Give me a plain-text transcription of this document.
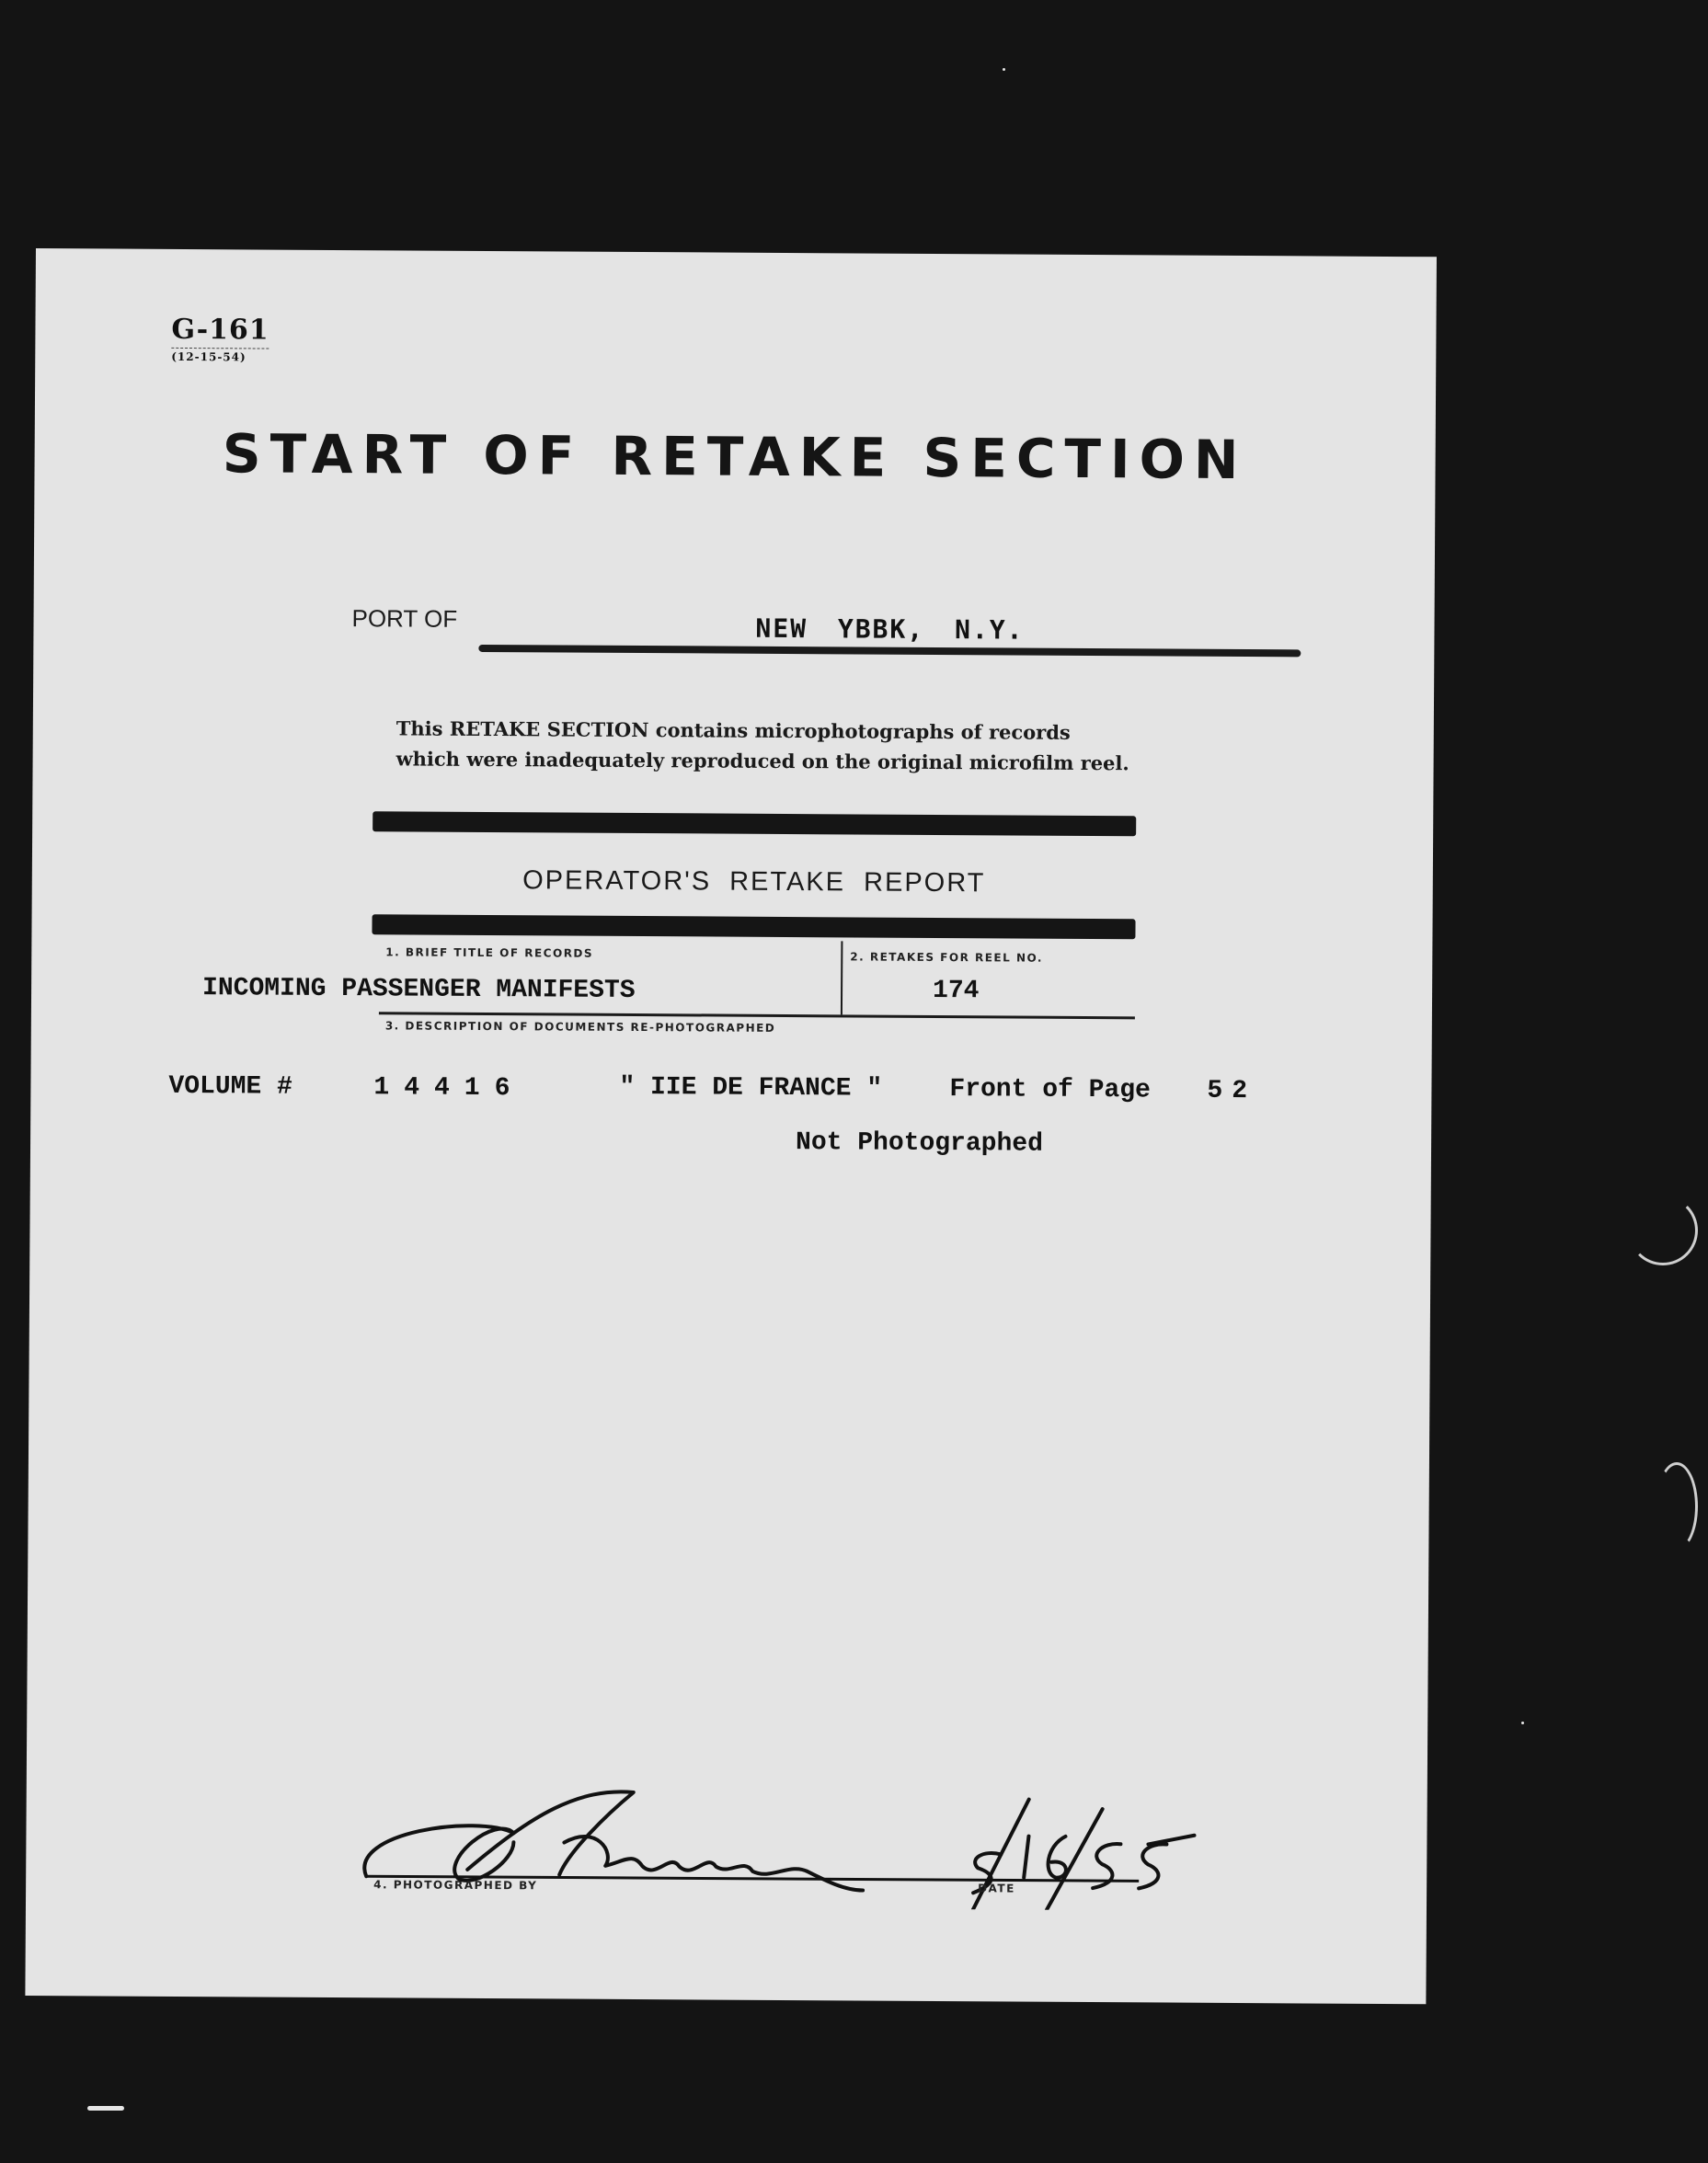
G-161
(12-15-54)
START OF RETAKE SECTION
PORT OF	NEW YBBK, N.Y.
This RETAKE SECTION contains microphotographs of records
which were inadequately reproduced on the original microfilm reel.
OPERATOR'S RETAKE REPORT
1. BRIEF TITLE OF RECORDS	2. RETAKES FOR REEL NO.
INCOMING PASSENGER MANIFESTS	174
3. DESCRIPTION OF DOCUMENTS RE-PHOTOGRAPHED
VOLUME #	14416	" IIE DE FRANCE "	Front of Page 52
Not Photographed
4. PHOTOGRAPHED BY	DATE
